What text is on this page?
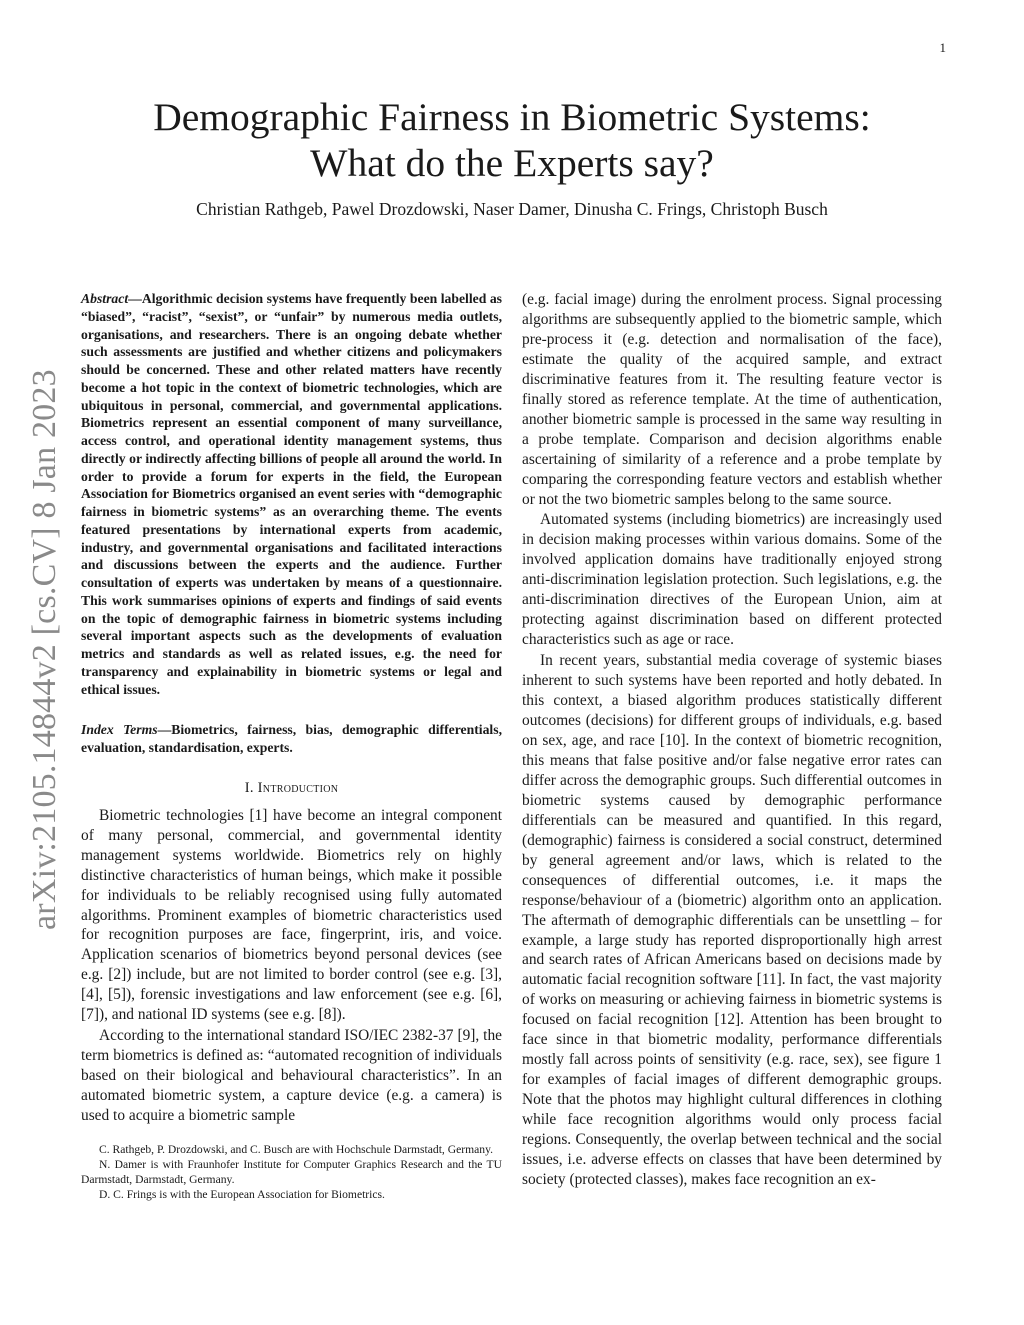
1
arXiv:2105.14844v2 [cs.CV] 8 Jan 2023
Demographic Fairness in Biometric Systems:
What do the Experts say?
Christian Rathgeb, Pawel Drozdowski, Naser Damer, Dinusha C. Frings, Christoph Busch

Abstract—Algorithmic decision systems have frequently been labelled as “biased”, “racist”, “sexist”, or “unfair” by numerous media outlets, organisations, and researchers. There is an ongoing debate whether such assessments are justified and whether citizens and policymakers should be concerned. These and other related matters have recently become a hot topic in the context of biometric technologies, which are ubiquitous in personal, commercial, and governmental applications. Biometrics represent an essential component of many surveillance, access control, and operational identity management systems, thus directly or indirectly affecting billions of people all around the world. In order to provide a forum for experts in the field, the European Association for Biometrics organised an event series with “demographic fairness in biometric systems” as an overarching theme. The events featured presentations by international experts from academic, industry, and governmental organisations and facilitated interactions and discussions between the experts and the audience. Further consultation of experts was undertaken by means of a questionnaire. This work summarises opinions of experts and findings of said events on the topic of demographic fairness in biometric systems including several important aspects such as the developments of evaluation metrics and standards as well as related issues, e.g. the need for transparency and explainability in biometric systems or legal and ethical issues.

Index Terms—Biometrics, fairness, bias, demographic differentials, evaluation, standardisation, experts.

I. Introduction

Biometric technologies [1] have become an integral component of many personal, commercial, and governmental identity management systems worldwide. Biometrics rely on highly distinctive characteristics of human beings, which make it possible for individuals to be reliably recognised using fully automated algorithms. Prominent examples of biometric characteristics used for recognition purposes are face, fingerprint, iris, and voice. Application scenarios of biometrics beyond personal devices (see e.g. [2]) include, but are not limited to border control (see e.g. [3], [4], [5]), forensic investigations and law enforcement (see e.g. [6], [7]), and national ID systems (see e.g. [8]).

According to the international standard ISO/IEC 2382-37 [9], the term biometrics is defined as: “automated recognition of individuals based on their biological and behavioural characteristics”. In an automated biometric system, a capture device (e.g. a camera) is used to acquire a biometric sample

C. Rathgeb, P. Drozdowski, and C. Busch are with Hochschule Darmstadt, Germany.

N. Damer is with Fraunhofer Institute for Computer Graphics Research and the TU Darmstadt, Darmstadt, Germany.

D. C. Frings is with the European Association for Biometrics.

(e.g. facial image) during the enrolment process. Signal processing algorithms are subsequently applied to the biometric sample, which pre-process it (e.g. detection and normalisation of the face), estimate the quality of the acquired sample, and extract discriminative features from it. The resulting feature vector is finally stored as reference template. At the time of authentication, another biometric sample is processed in the same way resulting in a probe template. Comparison and decision algorithms enable ascertaining of similarity of a reference and a probe template by comparing the corresponding feature vectors and establish whether or not the two biometric samples belong to the same source.

Automated systems (including biometrics) are increasingly used in decision making processes within various domains. Some of the involved application domains have traditionally enjoyed strong anti-discrimination legislation protection. Such legislations, e.g. the anti-discrimination directives of the European Union, aim at protecting against discrimination based on different protected characteristics such as age or race.

In recent years, substantial media coverage of systemic biases inherent to such systems have been reported and hotly debated. In this context, a biased algorithm produces statistically different outcomes (decisions) for different groups of individuals, e.g. based on sex, age, and race [10]. In the context of biometric recognition, this means that false positive and/or false negative error rates can differ across the demographic groups. Such differential outcomes in biometric systems caused by demographic performance differentials can be measured and quantified. In this regard, (demographic) fairness is considered a social construct, determined by general agreement and/or laws, which is related to the consequences of differential outcomes, i.e. it maps the response/behaviour of a (biometric) algorithm onto an application. The aftermath of demographic differentials can be unsettling – for example, a large study has reported disproportionally high arrest and search rates of African Americans based on decisions made by automatic facial recognition software [11]. In fact, the vast majority of works on measuring or achieving fairness in biometric systems is focused on facial recognition [12]. Attention has been brought to face since in that biometric modality, performance differentials mostly fall across points of sensitivity (e.g. race, sex), see figure 1 for examples of facial images of different demographic groups. Note that the photos may highlight cultural differences in clothing while face recognition algorithms would only process facial regions. Consequently, the overlap between technical and the social issues, i.e. adverse effects on classes that have been determined by society (protected classes), makes face recognition an ex-
